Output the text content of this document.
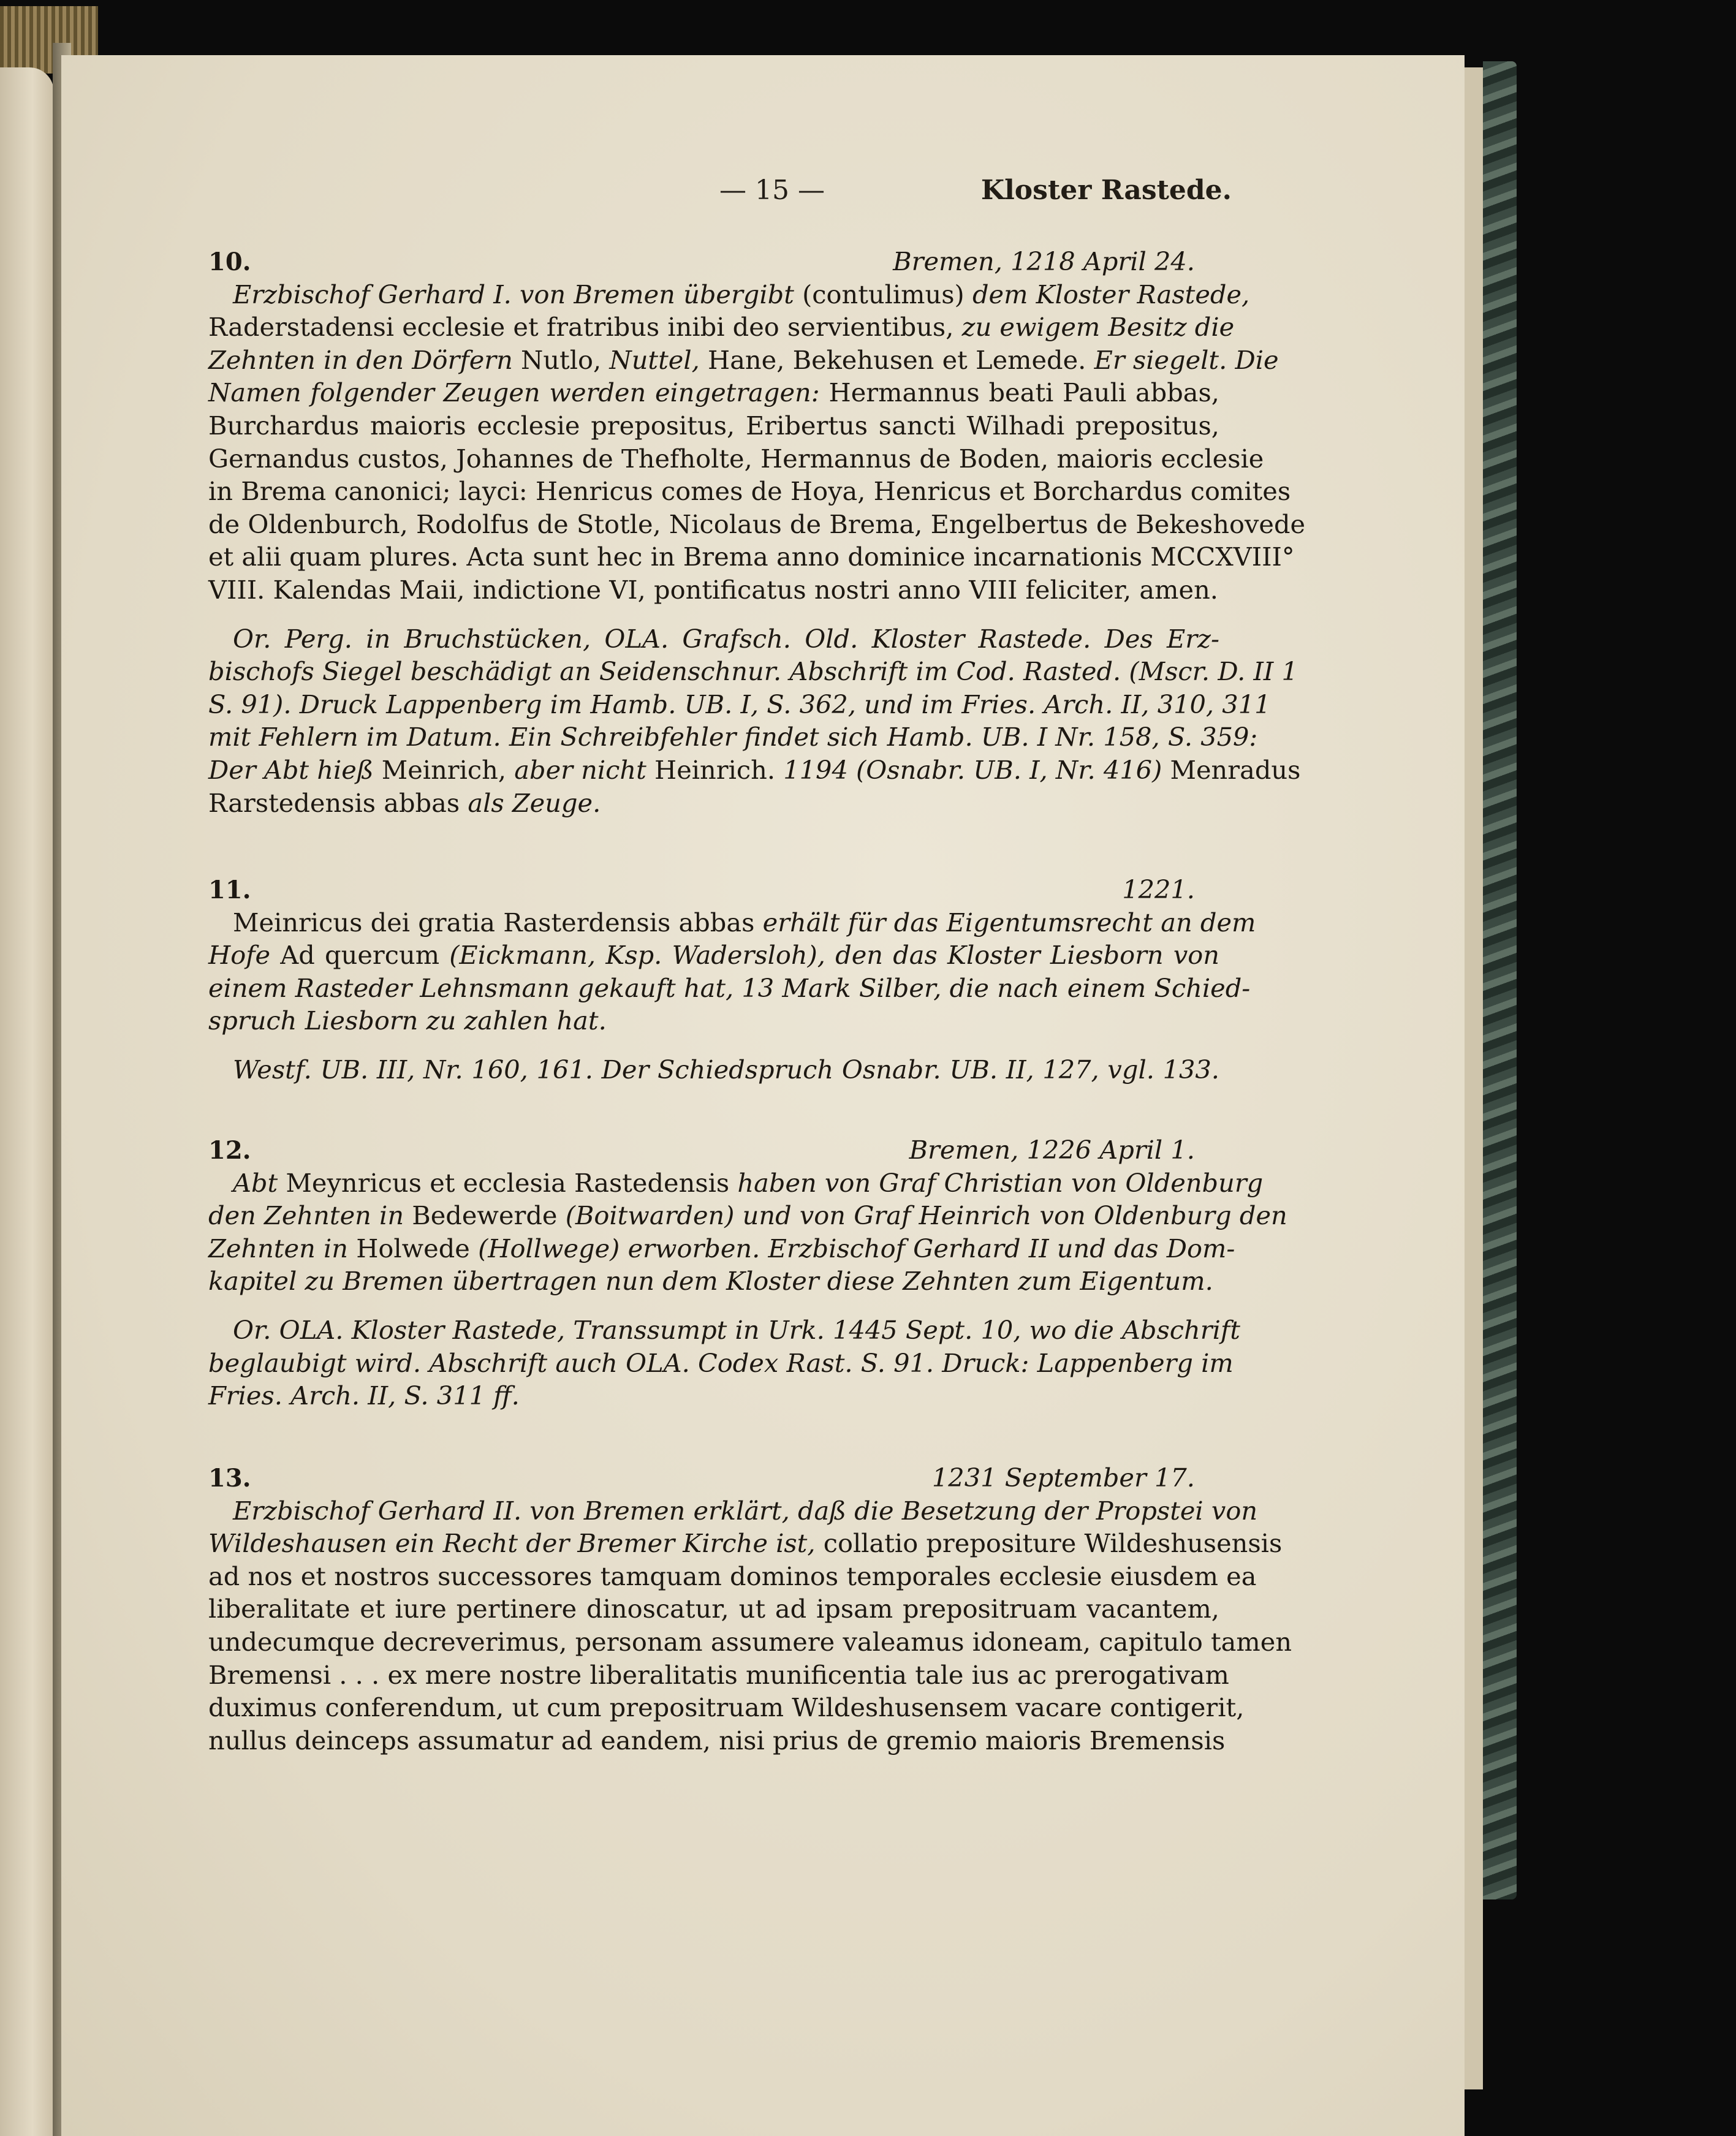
— 15 —	Kloster Rastede.
10.	Bremen, 1218 April 24.
Erzbischof Gerhard I. von Bremen übergibt (contulimus) dem Kloster Rastede,
Raderstadensi ecclesie et fratribus inibi deo servientibus, zu ewigem Besitz die
Zehnten in den Dörfern Nutlo, Nuttel, Hane, Bekehusen et Lemede. Er siegelt. Die
Namen folgender Zeugen werden eingetragen: Hermannus beati Pauli abbas,
Burchardus maioris ecclesie prepositus, Eribertus sancti Wilhadi prepositus,
Gernandus custos, Johannes de Thefholte, Hermannus de Boden, maioris ecclesie
in Brema canonici; layci: Henricus comes de Hoya, Henricus et Borchardus comites
de Oldenburch, Rodolfus de Stotle, Nicolaus de Brema, Engelbertus de Bekeshovede
et alii quam plures. Acta sunt hec in Brema anno dominice incarnationis MCCXVIII°
VIII. Kalendas Maii, indictione VI, pontificatus nostri anno VIII feliciter, amen.
Or. Perg. in Bruchstücken, OLA. Grafsch. Old. Kloster Rastede. Des Erz-
bischofs Siegel beschädigt an Seidenschnur. Abschrift im Cod. Rasted. (Mscr. D. II 1
S. 91). Druck Lappenberg im Hamb. UB. I, S. 362, und im Fries. Arch. II, 310, 311
mit Fehlern im Datum. Ein Schreibfehler findet sich Hamb. UB. I Nr. 158, S. 359:
Der Abt hieß Meinrich, aber nicht Heinrich. 1194 (Osnabr. UB. I, Nr. 416) Menradus
Rarstedensis abbas als Zeuge.
11.	1221.
Meinricus dei gratia Rasterdensis abbas erhält für das Eigentumsrecht an dem
Hofe Ad quercum (Eickmann, Ksp. Wadersloh), den das Kloster Liesborn von
einem Rasteder Lehnsmann gekauft hat, 13 Mark Silber, die nach einem Schied-
spruch Liesborn zu zahlen hat.
Westf. UB. III, Nr. 160, 161. Der Schiedspruch Osnabr. UB. II, 127, vgl. 133.
12.	Bremen, 1226 April 1.
Abt Meynricus et ecclesia Rastedensis haben von Graf Christian von Oldenburg
den Zehnten in Bedewerde (Boitwarden) und von Graf Heinrich von Oldenburg den
Zehnten in Holwede (Hollwege) erworben. Erzbischof Gerhard II und das Dom-
kapitel zu Bremen übertragen nun dem Kloster diese Zehnten zum Eigentum.
Or. OLA. Kloster Rastede, Transsumpt in Urk. 1445 Sept. 10, wo die Abschrift
beglaubigt wird. Abschrift auch OLA. Codex Rast. S. 91. Druck: Lappenberg im
Fries. Arch. II, S. 311 ff.
13.	1231 September 17.
Erzbischof Gerhard II. von Bremen erklärt, daß die Besetzung der Propstei von
Wildeshausen ein Recht der Bremer Kirche ist, collatio prepositure Wildeshusensis
ad nos et nostros successores tamquam dominos temporales ecclesie eiusdem ea
liberalitate et iure pertinere dinoscatur, ut ad ipsam prepositruam vacantem,
undecumque decreverimus, personam assumere valeamus idoneam, capitulo tamen
Bremensi . . . ex mere nostre liberalitatis munificentia tale ius ac prerogativam
duximus conferendum, ut cum prepositruam Wildeshusensem vacare contigerit,
nullus deinceps assumatur ad eandem, nisi prius de gremio maioris Bremensis
